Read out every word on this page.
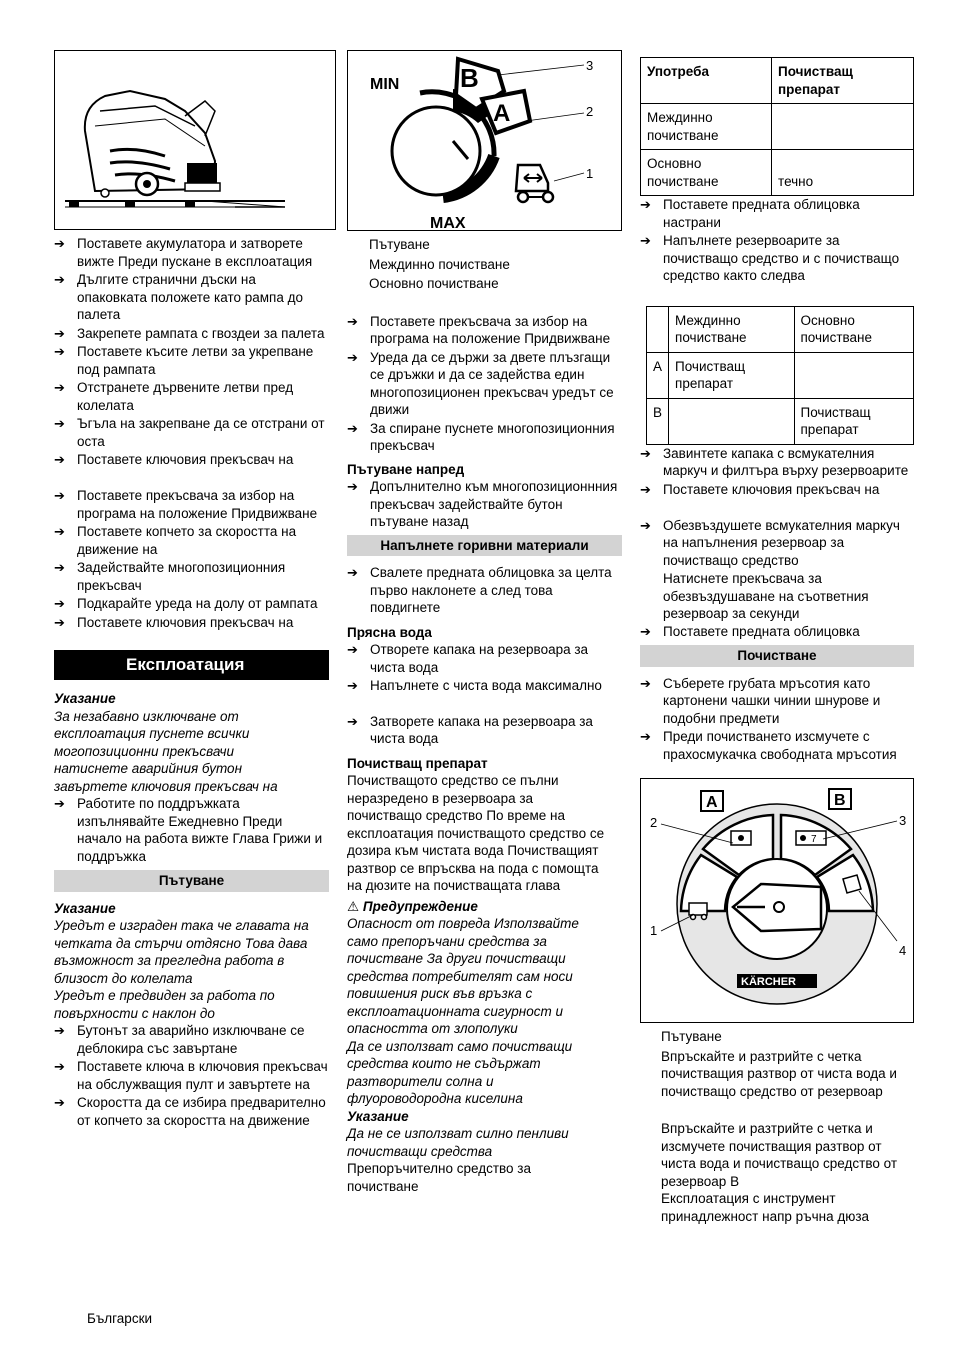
➔ Поставете акумулатора и затворете вижте Преди пускане в експлоатация

➔ Дългите странични дъски на опаковката положете като рампа до палета

➔ Закрепете рампата с гвоздеи за палета

➔ Поставете късите летви за укрепване под рампата

➔ Отстранете дървените летви пред колелата

➔ Ъгъла на закрепване да се отстрани от оста

➔ Поставете ключовия прекъсвач на

➔ Поставете прекъсвача за избор на програма на положение Придвижване

➔ Поставете копчето за скоростта на движение на

➔ Задействайте многопозиционния прекъсвач

➔ Подкарайте уреда на долу от рампата

➔ Поставете ключовия прекъсвач на

Експлоатация

Указание

За незабавно изключване от

експлоатация пуснете всички

могопозиционни прекъсвачи

натиснете аварийния бутон

завъртете ключовия прекъсвач на

➔ Работите по поддръжката изпълнявайте Ежедневно Преди начало на работа вижте Глава Грижи и поддръжка

Пътуване

Указание

Уредът е изграден така че главата на

четката да стърчи отдясно Това дава

възможност за прегледна работа в

близост до колелата

Уредът е предвиден за работа по

повърхности с наклон до

➔ Бутонът за аварийно изключване се деблокира със завъртане

➔ Поставете ключа в ключовия прекъсвач на обслужващия пулт и завъртете на

➔ Скоростта да се избира предварително от копчето за скоростта на движение

B
A
MIN
MAX
3
2
1

Пътуване

Междинно почистване

Основно почистване

➔ Поставете прекъсвача за избор на програма на положение Придвижване

➔ Уреда да се държи за двете плъзгащи се дръжки и да се задейства един многопозиционен прекъсвач уредът се движи

➔ За спиране пуснете многопозиционния прекъсвач

Пътуване напред

➔ Допълнително към многопозиционнния прекъсвач задействайте бутон пътуване назад

Напълнете горивни материали

➔ Свалете предната облицовка за целта първо наклонете а след това повдигнете

Прясна вода

➔ Отворете капака на резервоара за чиста вода

➔ Напълнете с чиста вода максимално

➔ Затворете капака на резервоара за чиста вода

Почистващ препарат

Почистващото средство се пълни

неразредено в резервоара за

почистващо средство По време на

експлоатация почистващото средство се

дозира към чистата вода Почистващият

разтвор се впръсква на пода с помощта

на дюзите на почистващата глава

⚠ Предупреждение

Опасност от повреда Използвайте

само препоръчани средства за

почистване За други почистващи

средства потребителят сам носи

повишения риск във връзка с

експлоатационната сигурност и

опасността от злополуки

Да се използват само почистващи

средства които не съдържат

разтворители солна и

флуороводородна киселина

Указание

Да не се използват силно пенливи

почистващи средства

Препоръчително средство за

почистване

Употреба	Почистващ препарат
Междинно почистване	
Основно почистване	течно

➔ Поставете предната облицовка настрани

➔ Напълнете резервоарите за почистващо средство и с почистващо средство както следва

	Междинно почистване	Основно почистване
A	Почистващ препарат	
B		Почистващ препарат

➔ Завинтете капака с всмукателния маркуч и филтъра върху резервоарите

➔ Поставете ключовия прекъсвач на

➔ Обезвъздушете всмукателния маркуч на напълнения резервоар за почистващо средство

Натиснете прекъсвача за обезвъздушаване на съответния резервоар за секунди

➔ Поставете предната облицовка

Почистване

➔ Съберете грубата мръсотия като картонени чашки чинии шнурове и подобни предмети

➔ Преди почистването изсмучете с прахосмукачка свободната мръсотия

7
A	B
2	3
1
4
KÄRCHER

Пътуване

Впръскайте и разтрийте с четка почистващия разтвор от чиста вода и почистващо средство от резервоар

Впръскайте и разтрийте с четка и изсмучете почистващия разтвор от чиста вода и почистващо средство от резервоар B

Експлоатация с инструмент принадлежност напр ръчна дюза

Български
